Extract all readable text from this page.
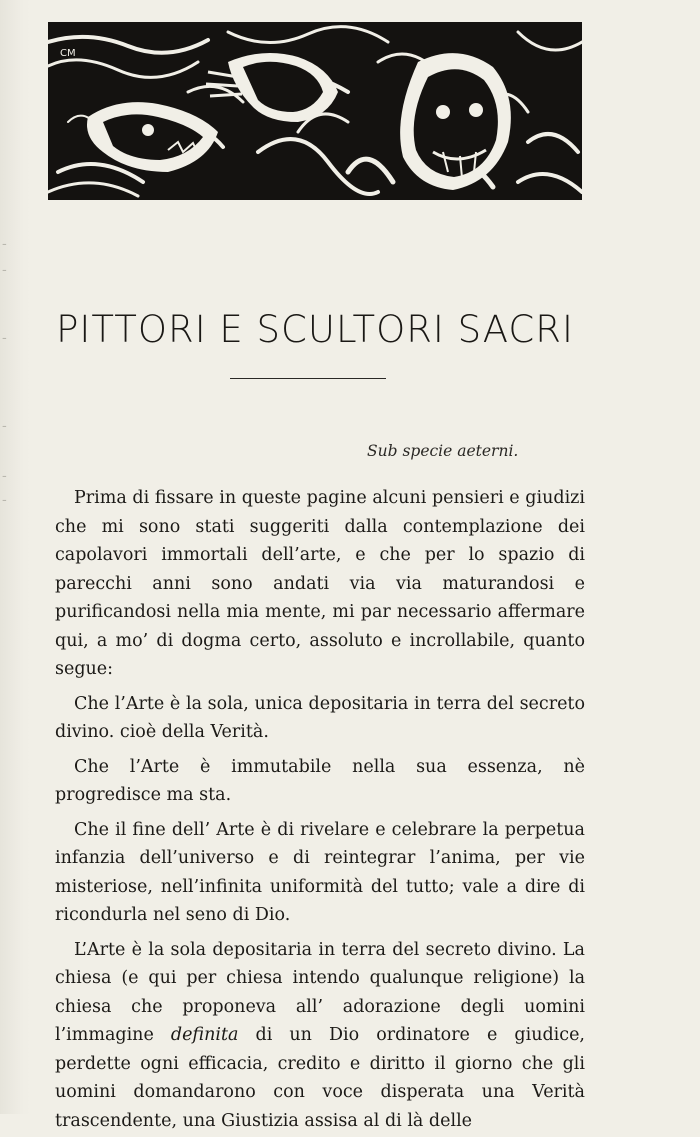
-
-
-
-
-
-
CM
PITTORI E SCULTORI SACRI
Sub specie aeterni.

Prima di fissare in queste pagine alcuni pensieri e giudizi che mi sono stati suggeriti dalla contemplazione dei capolavori immortali dell’arte, e che per lo spazio di parecchi anni sono andati via via maturandosi e purificandosi nella mia mente, mi par necessario affermare qui, a mo’ di dogma certo, assoluto e incrollabile, quanto segue:

Che l’Arte è la sola, unica depositaria in terra del secreto divino. cioè della Verità.

Che l’Arte è immutabile nella sua essenza, nè progredisce ma sta.

Che il fine dell’ Arte è di rivelare e celebrare la perpetua infanzia dell’universo e di reintegrar l’anima, per vie misteriose, nell’infinita uniformità del tutto; vale a dire di ricondurla nel seno di Dio.

L’Arte è la sola depositaria in terra del secreto divino. La chiesa (e qui per chiesa intendo qualunque religione) la chiesa che proponeva all’ adorazione degli uomini l’immagine definita di un Dio ordinatore e giudice, perdette ogni efficacia, credito e diritto il giorno che gli uomini domandarono con voce disperata una Verità trascendente, una Giustizia assisa al di là delle
